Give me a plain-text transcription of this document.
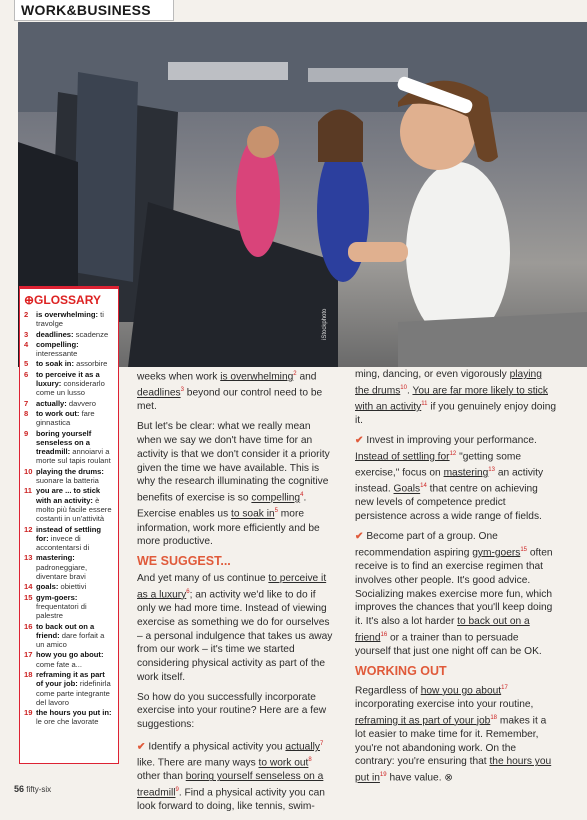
WORK&BUSINESS
iStockphoto
⊕GLOSSARY
2	is overwhelming: ti travolge
3	deadlines: scadenze
4	compelling: interessante
5	to soak in: assorbire
6	to perceive it as a luxury: considerarlo come un lusso
7	actually: davvero
8	to work out: fare ginnastica
9	boring yourself senseless on a treadmill: annoiarvi a morte sul tapis roulant
10 playing the drums: suonare la batteria
11 you are ... to stick with an activity: è molto più facile essere costanti in un'attività
12 instead of settling for: invece di accontentarsi di
13 mastering: padroneggiare, diventare bravi
14 goals: obiettivi
15 gym-goers: frequentatori di palestre
16 to back out on a friend: dare forfait a un amico
17 how you go about: come fate a...
18 reframing it as part of your job: ridefinirla come parte integrante del lavoro
19 the hours you put in: le ore che lavorate

weeks when work is overwhelming$^2$ and deadlines$^3$ beyond our control need to be met.

But let's be clear: what we really mean when we say we don't have time for an activity is that we don't consider it a priority given the time we have available. This is why the research illuminating the cognitive benefits of exercise is so compelling$^4$. Exercise enables us to soak $in^5$ more information, work more efficiently and be more productive.

WE SUGGEST...

And yet many of us continue to perceive it as a luxury$^6$; an activity we'd like to do if only we had more time. Instead of viewing exercise as something we do for ourselves – a personal indulgence that takes us away from our work – it's time we started considering physical activity as part of the work itself.

So how do you successfully incorporate exercise into your routine? Here are a few suggestions:

✔ Identify a physical activity you actually$^7$ like. There are many ways to work out$^8$ other than boring yourself senseless on a treadmill$^9$. Find a physical activity you can look forward to doing, like tennis, swim-

ming, dancing, or even vigorously playing the drums$^{10}$. You are far more likely to stick with an activity$^{11}$ if you genuinely enjoy doing it.

✔ Invest in improving your performance. Instead of settling for$^{12}$ "getting some exercise," focus on mastering$^{13}$ an activity instead. Goals$^{14}$ that centre on achieving new levels of competence predict persistence across a wide range of fields.

✔ Become part of a group. One recommendation aspiring gym-goers$^{15}$ often receive is to find an exercise regimen that involves other people. It's good advice. Socializing makes exercise more fun, which improves the chances that you'll keep doing it. It's also a lot harder to back out on a friend$^{16}$ or a trainer than to persuade yourself that just one night off can be OK.

WORKING OUT

Regardless of how you go about$^{17}$ incorporating exercise into your routine, reframing it as part of your job$^{18}$ makes it a lot easier to make time for it. Remember, you're not abandoning work. On the contrary: you're ensuring that the hours you put $in^{19}$ have value. ⊗

56 fifty-six
